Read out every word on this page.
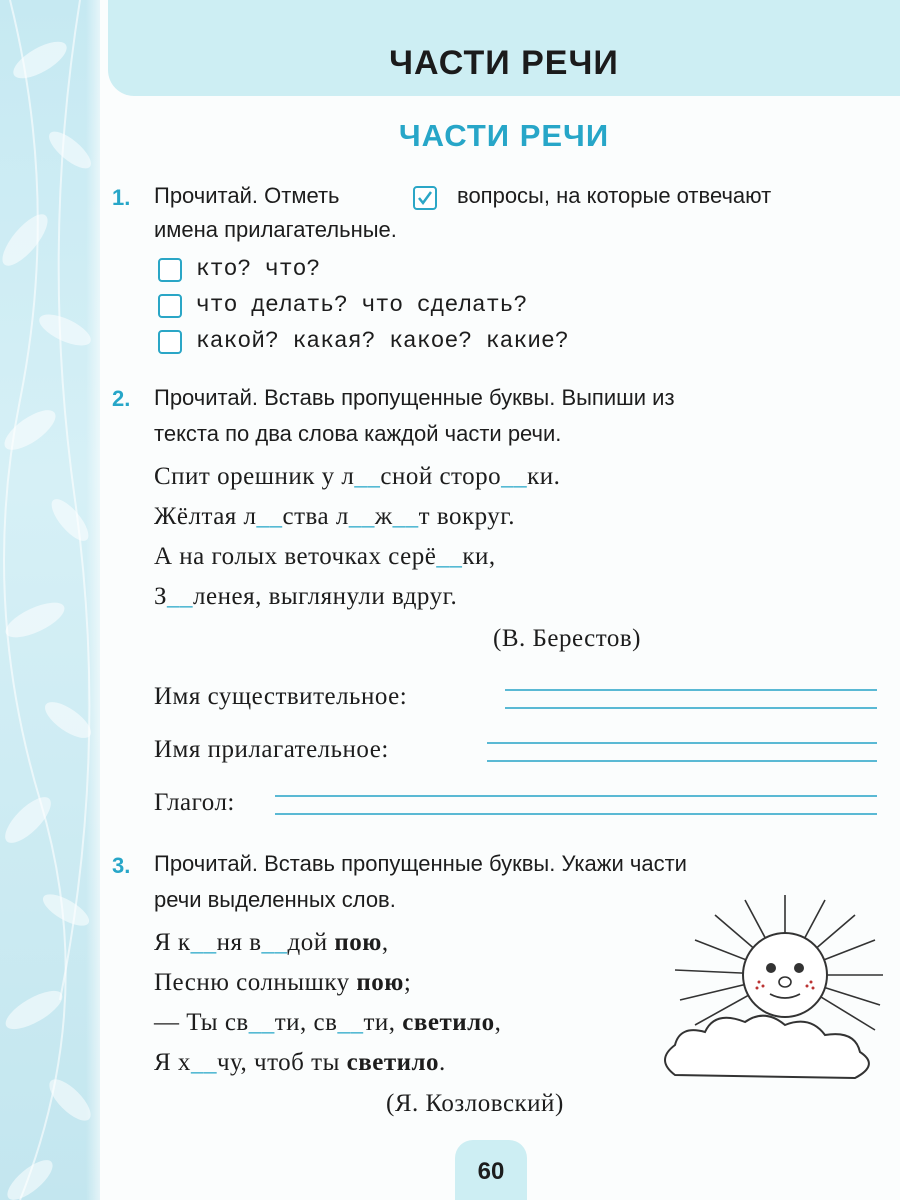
ЧАСТИ РЕЧИ
ЧАСТИ РЕЧИ
1. Прочитай. Отметь	вопросы, на которые отвечают
имена прилагательные.
кто? что?
что делать? что сделать?
какой? какая? какое? какие?
2. Прочитай. Вставь пропущенные буквы. Выпиши из
текста по два слова каждой части речи.
Спит орешник у л__сной сторо__ки.
Жёлтая л__ства л__ж__т вокруг.
А на голых веточках серё__ки,
З__ленея, выглянули вдруг.
(В. Берестов)
Имя существительное:
Имя прилагательное:
Глагол:
3. Прочитай. Вставь пропущенные буквы. Укажи части
речи выделенных слов.
Я к__ня в__дой пою,
Песню солнышку пою;
— Ты св__ти, св__ти, светило,
Я х__чу, чтоб ты светило.
(Я. Козловский)
60
